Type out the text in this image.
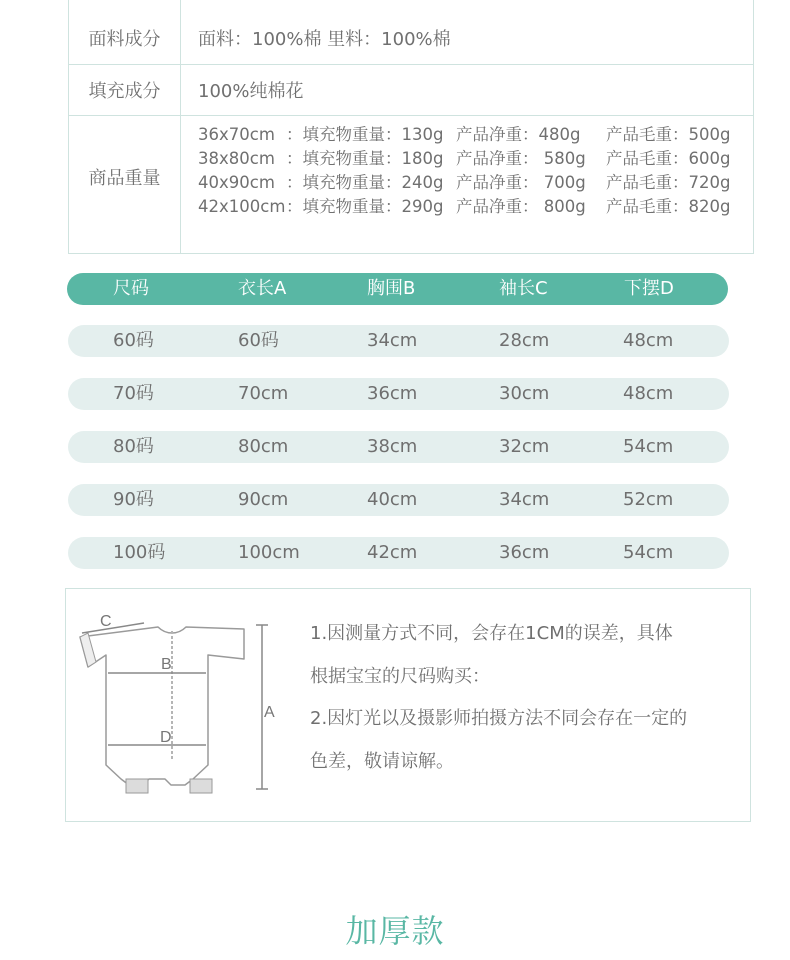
面料成分	面料：100%棉 里料：100%棉
填充成分	100%纯棉花
商品重量
36x70cm ：填充物重量：130g 产品净重：480g	产品毛重：500g
38x80cm ：填充物重量：180g 产品净重： 580g	产品毛重：600g
40x90cm ：填充物重量：240g 产品净重： 700g	产品毛重：720g
42x100cm ：填充物重量：290g 产品净重： 800g	产品毛重：820g
尺码	衣长A	胸围B	袖长C	下摆D
60码	60码	34cm	28cm	48cm
70码	70cm	36cm	30cm	48cm
80码	80cm	38cm	32cm	54cm
90码	90cm	40cm	34cm	52cm
100码	100cm	42cm	36cm	54cm
C
B
D
A

1.因测量方式不同，会存在1CM的误差，具体

根据宝宝的尺码购买：

2.因灯光以及摄影师拍摄方法不同会存在一定的

色差，敬请谅解。

加厚款
